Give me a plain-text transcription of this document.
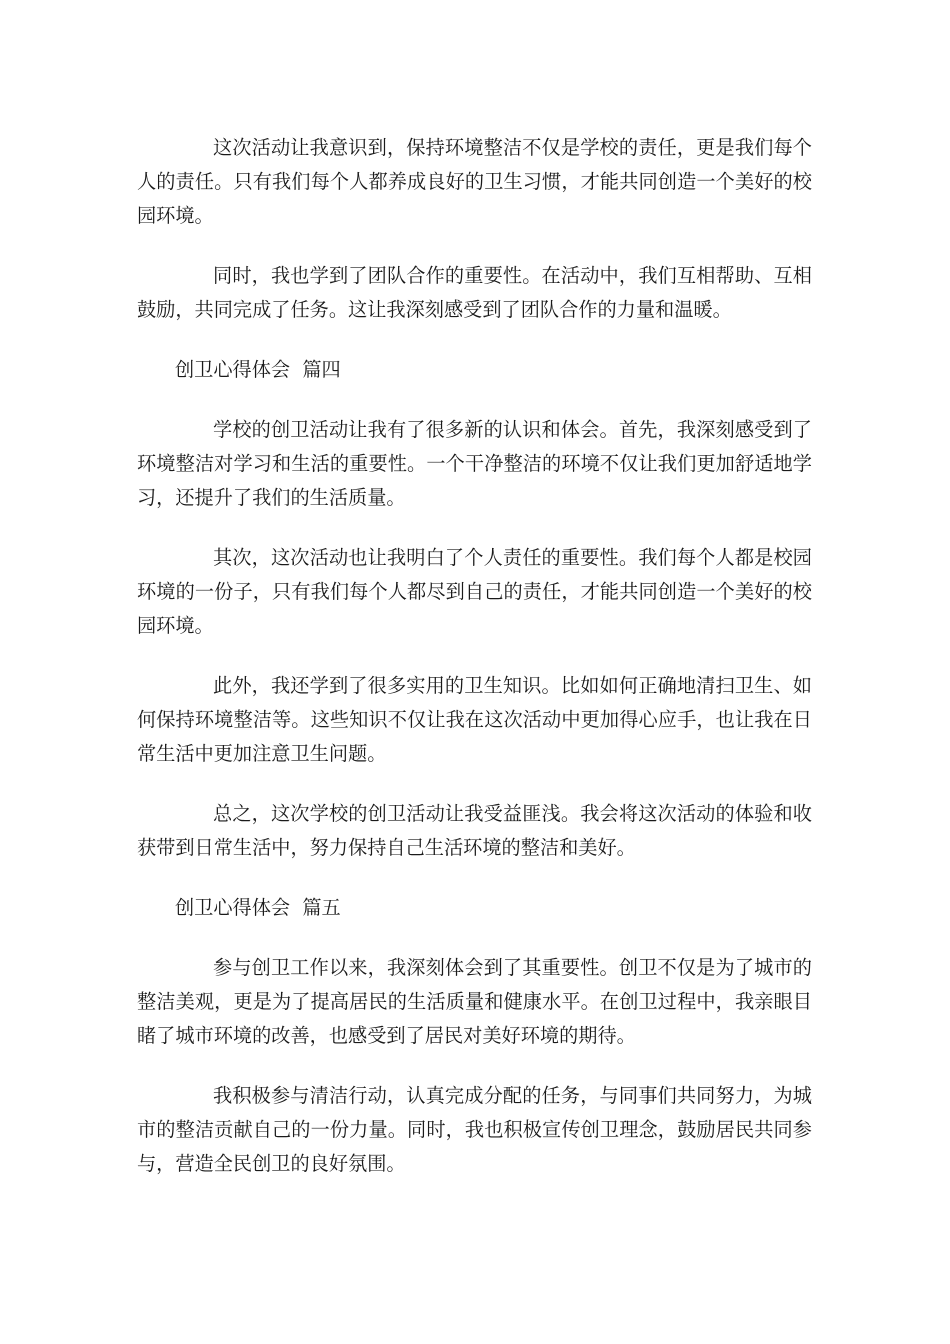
这次活动让我意识到，保持环境整洁不仅是学校的责任，更是我们每个人的责任。只有我们每个人都养成良好的卫生习惯，才能共同创造一个美好的校园环境。

同时，我也学到了团队合作的重要性。在活动中，我们互相帮助、互相鼓励，共同完成了任务。这让我深刻感受到了团队合作的力量和温暖。

创卫心得体会  篇四

学校的创卫活动让我有了很多新的认识和体会。首先，我深刻感受到了环境整洁对学习和生活的重要性。一个干净整洁的环境不仅让我们更加舒适地学习，还提升了我们的生活质量。

其次，这次活动也让我明白了个人责任的重要性。我们每个人都是校园环境的一份子，只有我们每个人都尽到自己的责任，才能共同创造一个美好的校园环境。

此外，我还学到了很多实用的卫生知识。比如如何正确地清扫卫生、如何保持环境整洁等。这些知识不仅让我在这次活动中更加得心应手，也让我在日常生活中更加注意卫生问题。

总之，这次学校的创卫活动让我受益匪浅。我会将这次活动的体验和收获带到日常生活中，努力保持自己生活环境的整洁和美好。

创卫心得体会  篇五

参与创卫工作以来，我深刻体会到了其重要性。创卫不仅是为了城市的整洁美观，更是为了提高居民的生活质量和健康水平。在创卫过程中，我亲眼目睹了城市环境的改善，也感受到了居民对美好环境的期待。

我积极参与清洁行动，认真完成分配的任务，与同事们共同努力，为城市的整洁贡献自己的一份力量。同时，我也积极宣传创卫理念，鼓励居民共同参与，营造全民创卫的良好氛围。
